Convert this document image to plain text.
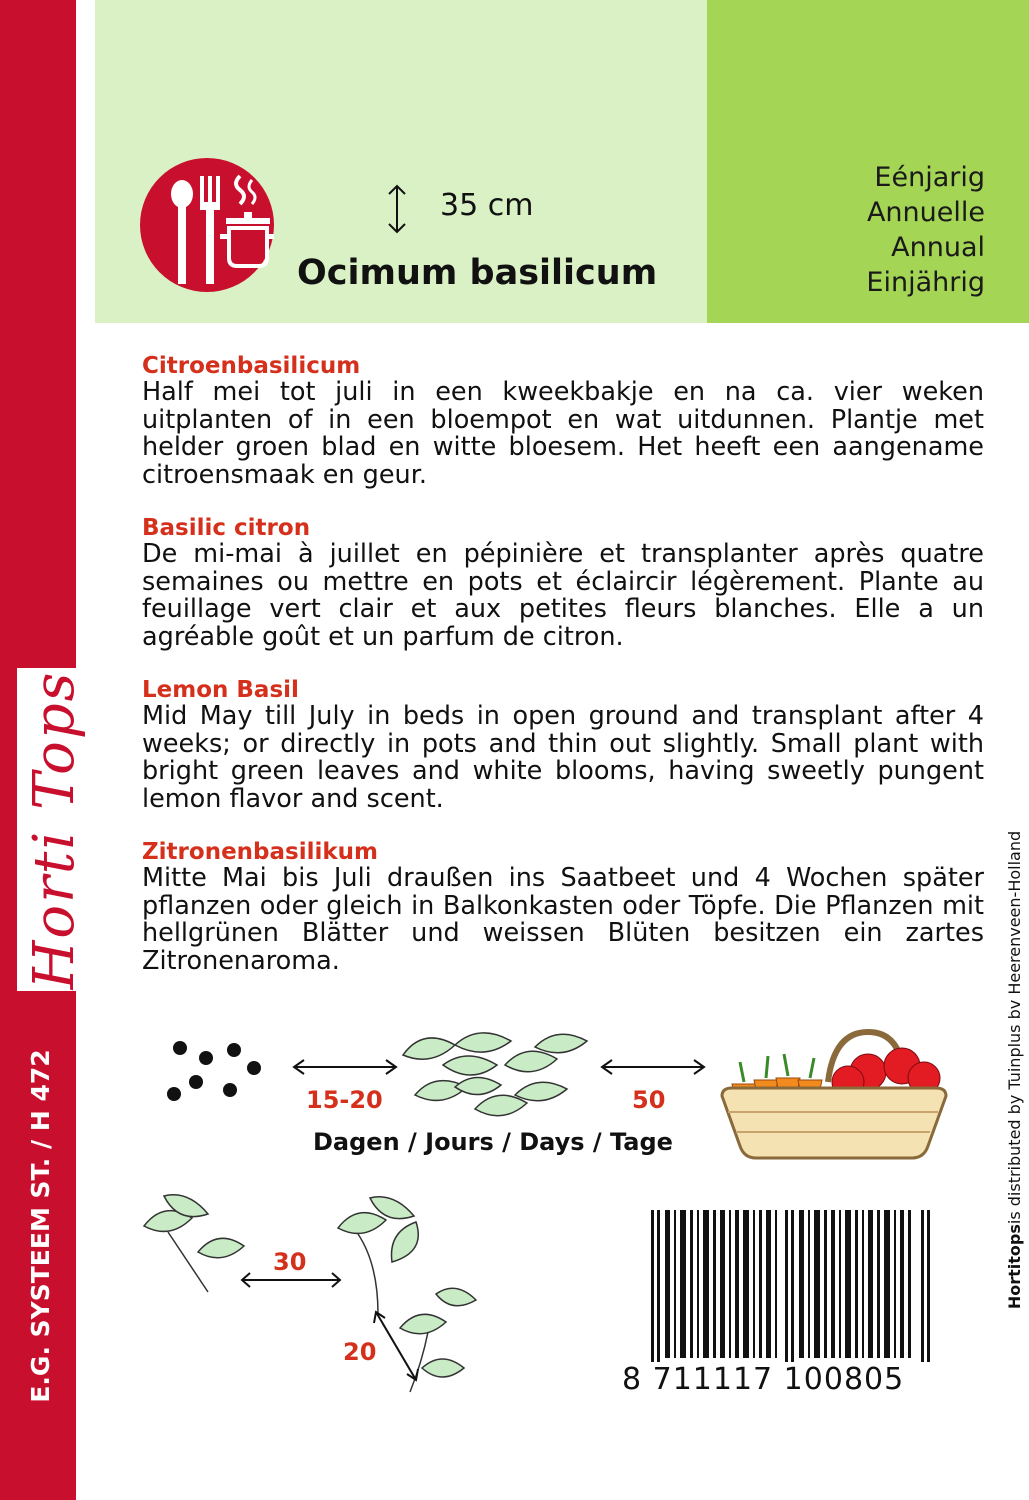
Horti Tops
E.G. SYSTEEM ST. / H 472
Eénjarig
Annuelle
Annual
Einjährig
35 cm
Ocimum basilicum
Citroenbasilicum

Half mei tot juli in een kweekbakje en na ca. vier weken uitplanten of in een bloempot en wat uitdunnen. Plantje met helder groen blad en witte bloesem. Het heeft een aangename citroensmaak en geur.

Basilic citron

De mi-mai à juillet en pépinière et transplanter après quatre semaines ou mettre en pots et éclaircir légèrement. Plante au feuillage vert clair et aux petites fleurs blanches. Elle a un agréable goût et un parfum de citron.

Lemon Basil

Mid May till July in beds in open ground and transplant after 4 weeks; or directly in pots and thin out slightly. Small plant with bright green leaves and white blooms, having sweetly pungent lemon flavor and scent.

Zitronenbasilikum

Mitte Mai bis Juli draußen ins Saatbeet und 4 Wochen später pflanzen oder gleich in Balkonkasten oder Töpfe. Die Pflanzen mit hellgrünen Blätter und weissen Blüten besitzen ein zartes Zitronenaroma.

15-20	50
Dagen / Jours / Days / Tage
30
20
8 711117 100805
Hortitops
is distributed by Tuinplus bv Heerenveen-Holland
